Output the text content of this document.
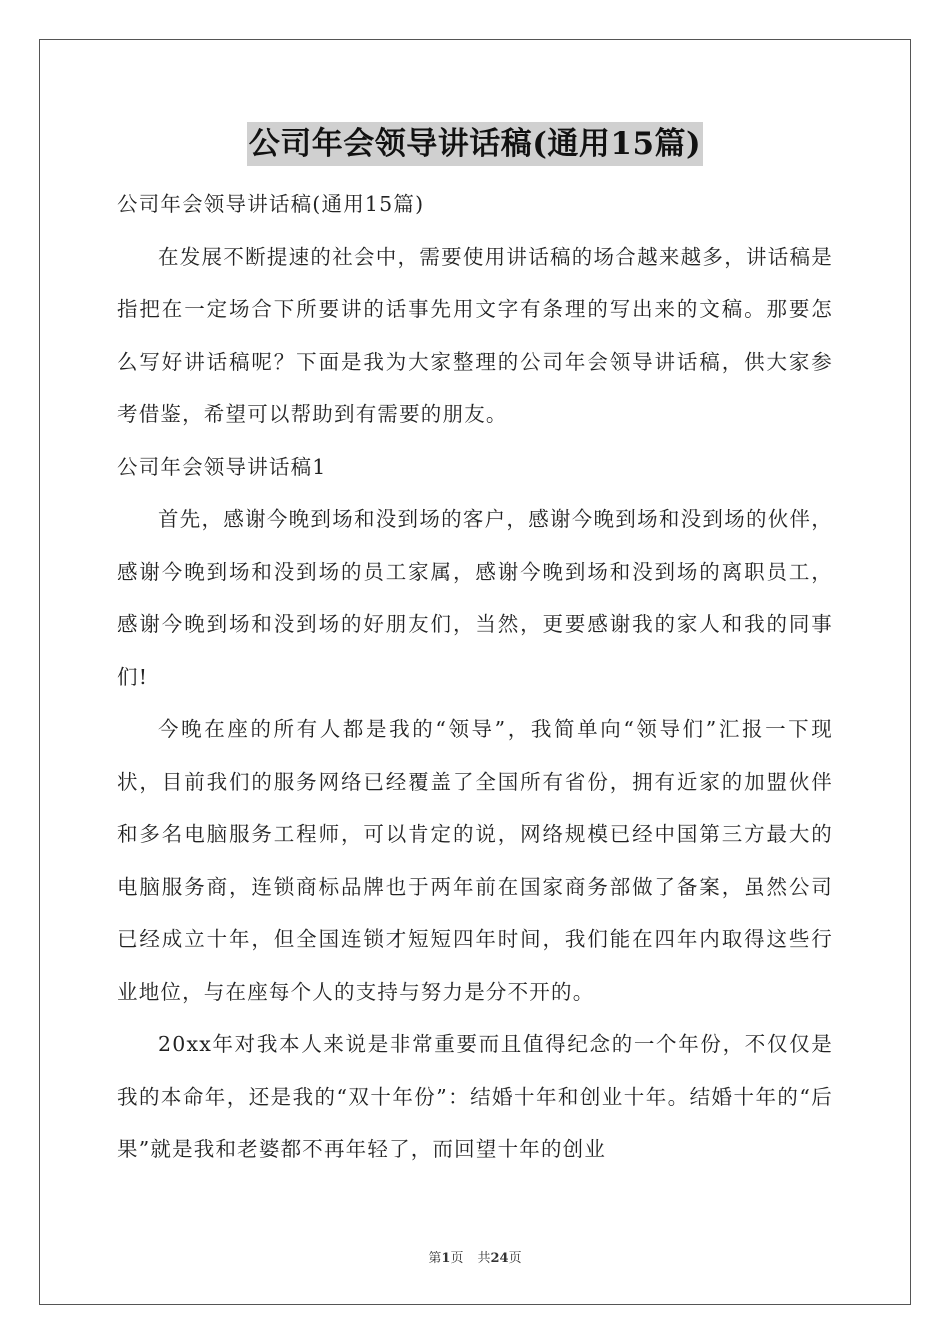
公司年会领导讲话稿(通用15篇)

公司年会领导讲话稿(通用15篇)

在发展不断提速的社会中，需要使用讲话稿的场合越来越多，讲话稿是指把在一定场合下所要讲的话事先用文字有条理的写出来的文稿。那要怎么写好讲话稿呢？下面是我为大家整理的公司年会领导讲话稿，供大家参考借鉴，希望可以帮助到有需要的朋友。

公司年会领导讲话稿1

首先，感谢今晚到场和没到场的客户，感谢今晚到场和没到场的伙伴，感谢今晚到场和没到场的员工家属，感谢今晚到场和没到场的离职员工，感谢今晚到场和没到场的好朋友们，当然，更要感谢我的家人和我的同事们!

今晚在座的所有人都是我的“领导”，我简单向“领导们”汇报一下现状，目前我们的服务网络已经覆盖了全国所有省份，拥有近家的加盟伙伴和多名电脑服务工程师，可以肯定的说，网络规模已经中国第三方最大的电脑服务商，连锁商标品牌也于两年前在国家商务部做了备案，虽然公司已经成立十年，但全国连锁才短短四年时间，我们能在四年内取得这些行业地位，与在座每个人的支持与努力是分不开的。

20xx年对我本人来说是非常重要而且值得纪念的一个年份，不仅仅是我的本命年，还是我的“双十年份”：结婚十年和创业十年。结婚十年的“后果”就是我和老婆都不再年轻了，而回望十年的创业

第1页 共24页
